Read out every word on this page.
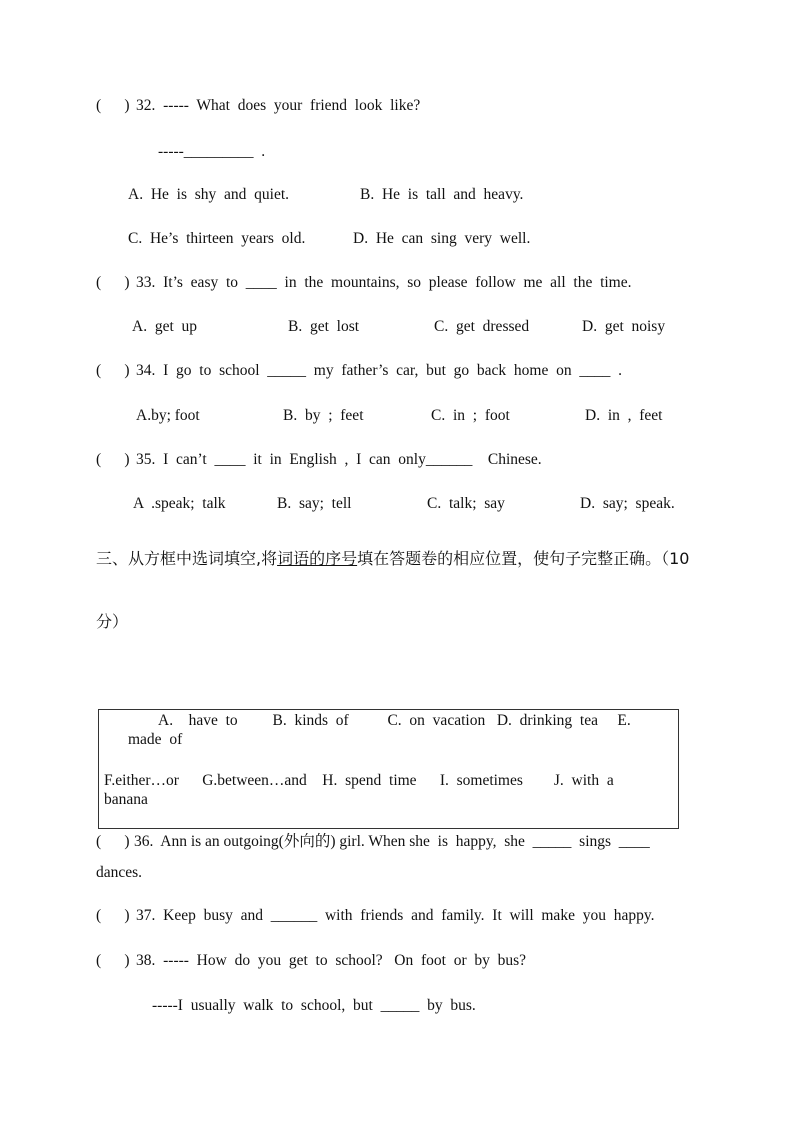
(      ) 32.  -----  What  does  your  friend  look  like?
-----_________  .
A.  He  is  shy  and  quiet.	B.  He  is  tall  and  heavy.
C.  He’s  thirteen  years  old.	D.  He  can  sing  very  well.
(      ) 33.  It’s  easy  to  ____  in  the  mountains,  so  please  follow  me  all  the  time.
A.  get  up	B.  get  lost	C.  get  dressed	D.  get  noisy
(      ) 34.  I  go  to  school  _____  my  father’s  car,  but  go  back  home  on  ____  .
A.by; foot	B.  by  ;  feet	C.  in  ;  foot	D.  in  ,  feet
(      ) 35.  I  can’t  ____  it  in  English  ,  I  can  only______    Chinese.
A  .speak;  talk	B.  say;  tell	C.  talk;  say	D.  say;  speak.
三、从方框中选词填空,将词语的序号填在答题卷的相应位置，使句子完整正确。（10
分）
A.    have  to         B.  kinds  of          C.  on  vacation   D.  drinking  tea     E.
made  of
F.either…or      G.between…and    H.  spend  time      I.  sometimes        J.  with  a
banana
(      ) 36.  Ann is an outgoing(外向的) girl. When she  is  happy,  she  _____  sings  ____
dances.
(      ) 37.  Keep  busy  and  ______  with  friends  and  family.  It  will  make  you  happy.
(      ) 38.  -----  How  do  you  get  to  school?   On  foot  or  by  bus?
-----I  usually  walk  to  school,  but  _____  by  bus.
